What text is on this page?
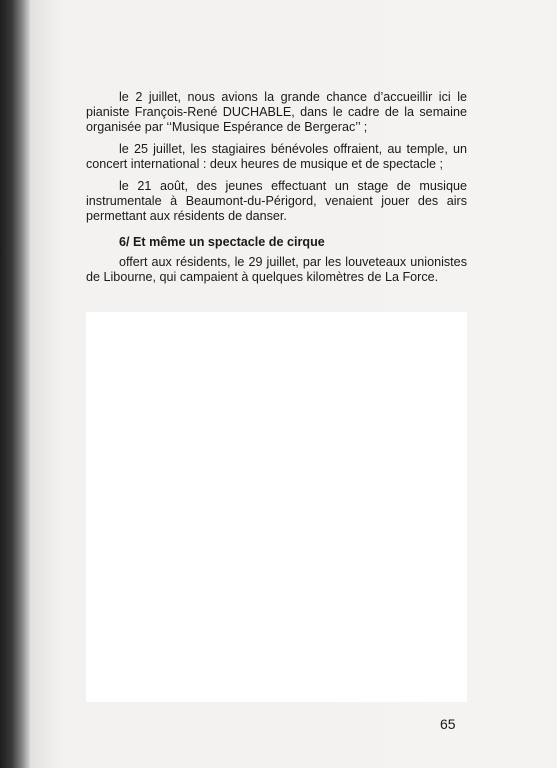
le 2 juillet, nous avions la grande chance d’accueillir ici le pianiste François-René DUCHABLE, dans le cadre de la semaine organisée par ‘‘Musique Espérance de Bergerac’’ ;

le 25 juillet, les stagiaires bénévoles offraient, au temple, un concert international : deux heures de musique et de spectacle ;

le 21 août, des jeunes effectuant un stage de musique instrumentale à Beaumont-du-Périgord, venaient jouer des airs permettant aux résidents de danser.

6/ Et même un spectacle de cirque

offert aux résidents, le 29 juillet, par les louveteaux unionistes de Libourne, qui campaient à quelques kilomètres de La Force.

65
